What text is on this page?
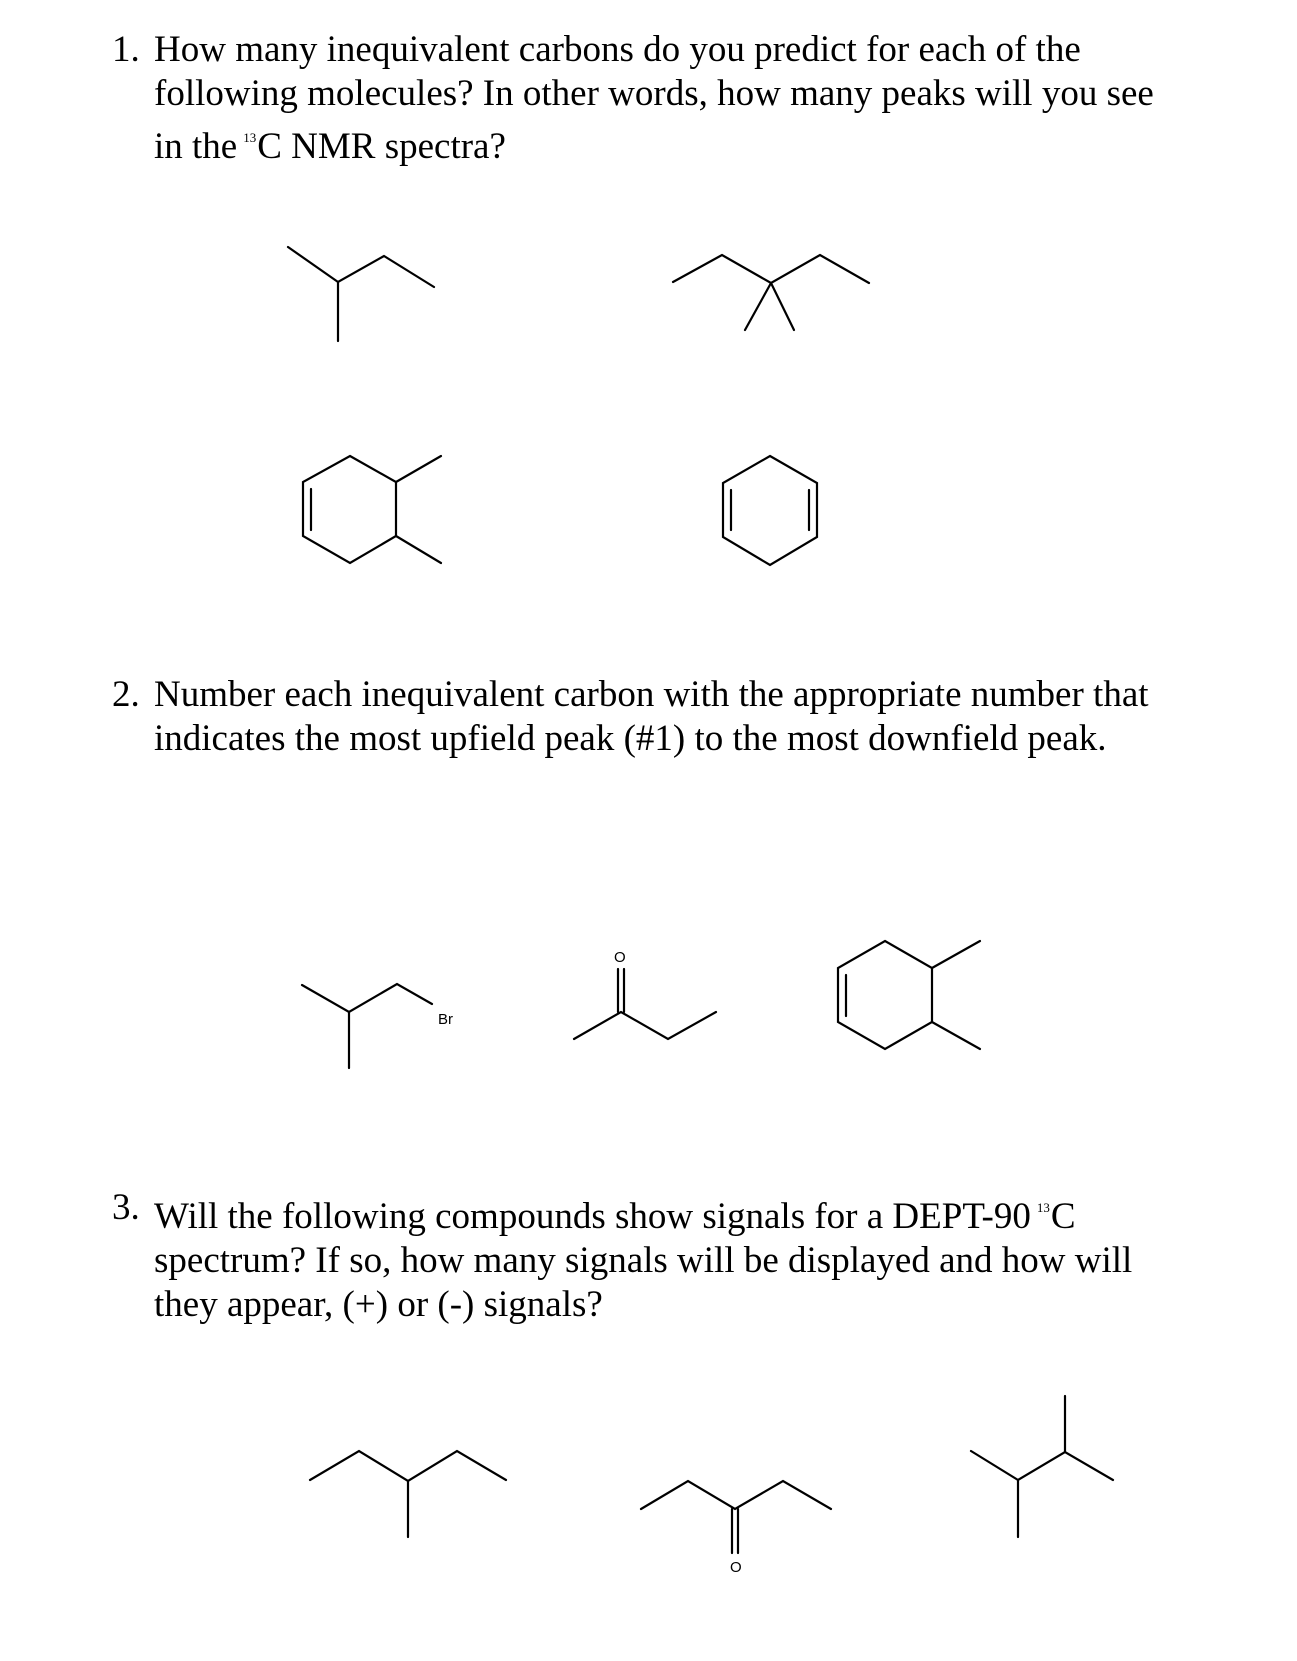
1. How many inequivalent carbons do you predict for each of the
following molecules? In other words, how many peaks will you see
in the $^{13}$C NMR spectra?
2. Number each inequivalent carbon with the appropriate number that
indicates the most upfield peak (#1) to the most downfield peak.
3. Will the following compounds show signals for a DEPT-90 $^{13}$C
spectrum? If so, how many signals will be displayed and how will
they appear, (+) or (-) signals?
Br
O
O
